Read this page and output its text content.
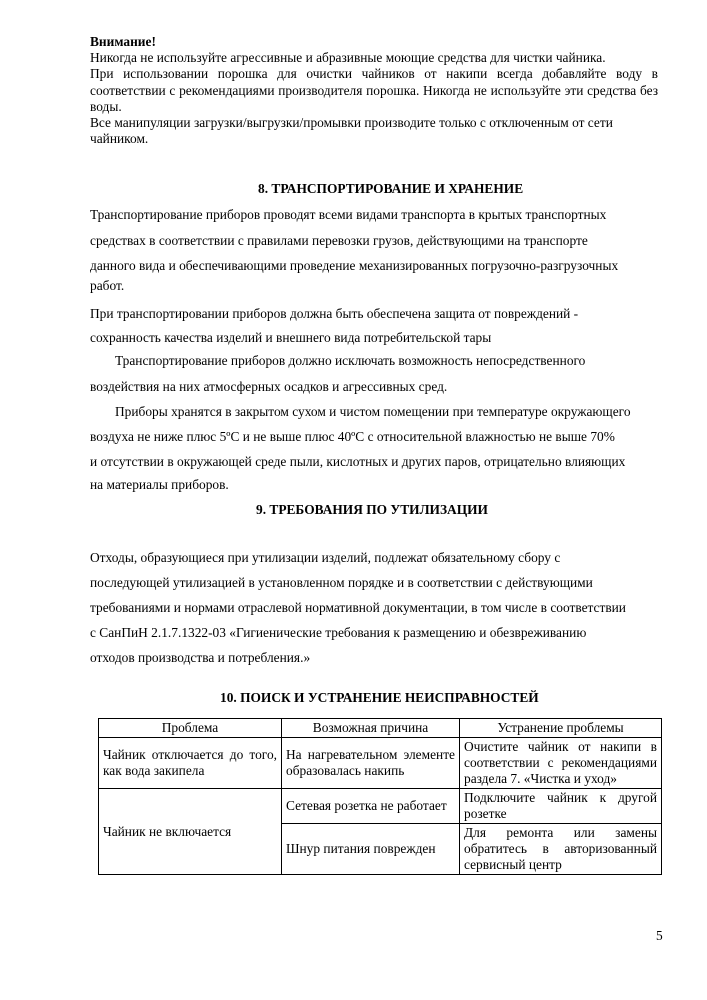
Внимание!

Никогда не используйте агрессивные и абразивные моющие средства для чистки чайника.

При использовании порошка для очистки чайников от накипи всегда добавляйте воду в соответствии с рекомендациями производителя порошка. Никогда не используйте эти средства без воды.

Все манипуляции загрузки/выгрузки/промывки производите только с отключенным от сети чайником.

8. ТРАНСПОРТИРОВАНИЕ И ХРАНЕНИЕ
Транспортирование приборов проводят всеми видами транспорта в крытых транспортных
средствах в соответствии с правилами перевозки грузов, действующими на транспорте
данного вида и обеспечивающими проведение механизированных погрузочно-разгрузочных
работ.
При транспортировании приборов должна быть обеспечена защита от повреждений -
сохранность качества изделий и внешнего вида потребительской тары
Транспортирование приборов должно исключать возможность непосредственного
воздействия на них атмосферных осадков и агрессивных сред.
Приборы хранятся в закрытом сухом и чистом помещении при температуре окружающего
воздуха не ниже плюс 5ºС и не выше плюс 40ºС с относительной влажностью не выше 70%
и отсутствии в окружающей среде пыли, кислотных и других паров, отрицательно влияющих
на материалы приборов.
9. ТРЕБОВАНИЯ ПО УТИЛИЗАЦИИ
Отходы, образующиеся при утилизации изделий, подлежат обязательному сбору с
последующей утилизацией в установленном порядке и в соответствии с действующими
требованиями и нормами отраслевой нормативной документации, в том числе в соответствии
с СанПиН 2.1.7.1322-03 «Гигиенические требования к размещению и обезвреживанию
отходов производства и потребления.»
10. ПОИСК И УСТРАНЕНИЕ НЕИСПРАВНОСТЕЙ
Проблема	Возможная причина	Устранение проблемы
Чайник отключается до того, как вода закипела	На нагревательном элементе образовалась накипь	Очистите чайник от накипи в соответствии с рекомендациями раздела 7. «Чистка и уход»
Чайник не включается	Сетевая розетка не работает	Подключите чайник к другой розетке
	Шнур питания поврежден	Для ремонта или замены обратитесь в авторизованный сервисный центр
5
